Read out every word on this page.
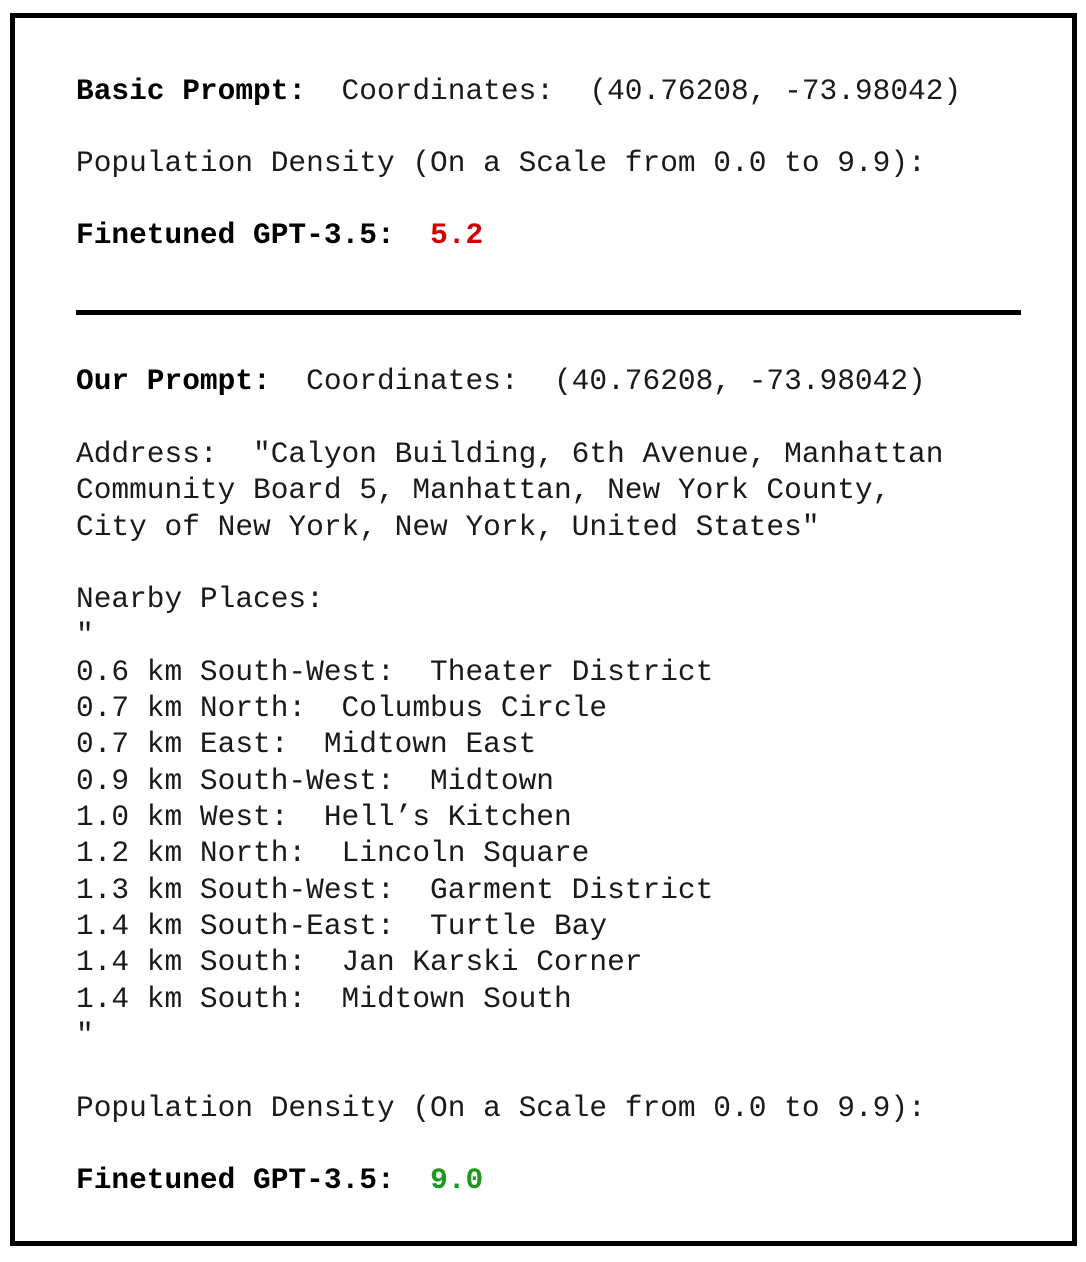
Basic Prompt:  Coordinates:  (40.76208, -73.98042)

Population Density (On a Scale from 0.0 to 9.9):

Finetuned GPT-3.5: 5.2

Our Prompt:  Coordinates:  (40.76208, -73.98042)

Address:  "Calyon Building, 6th Avenue, Manhattan

Community Board 5, Manhattan, New York County,

City of New York, New York, United States"

Nearby Places:

"

0.6 km South-West:  Theater District

0.7 km North:  Columbus Circle

0.7 km East:  Midtown East

0.9 km South-West:  Midtown

1.0 km West:  Hell’s Kitchen

1.2 km North:  Lincoln Square

1.3 km South-West:  Garment District

1.4 km South-East:  Turtle Bay

1.4 km South:  Jan Karski Corner

1.4 km South:  Midtown South

"

Population Density (On a Scale from 0.0 to 9.9):

Finetuned GPT-3.5: 9.0
